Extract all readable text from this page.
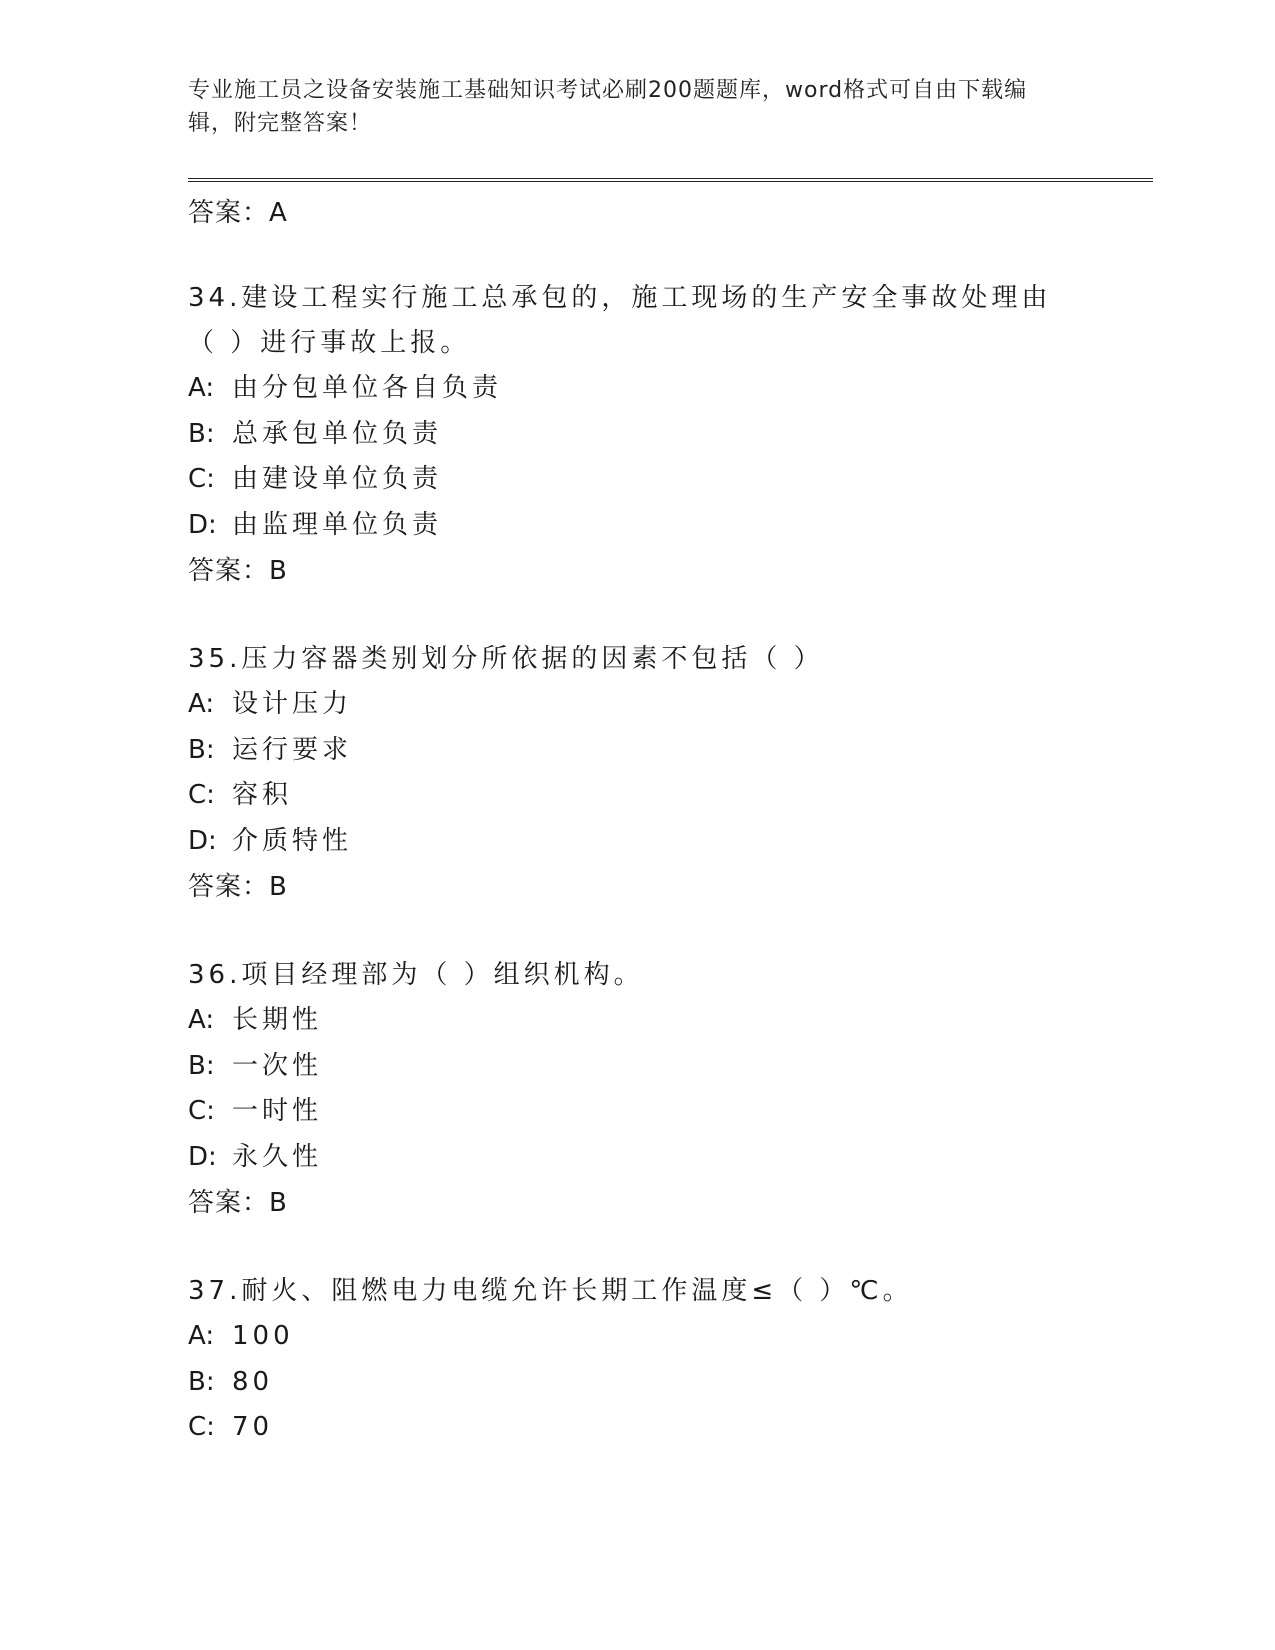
专业施工员之设备安装施工基础知识考试必刷200题题库，word格式可自由下载编辑，附完整答案！
答案：A
34.建设工程实行施工总承包的，施工现场的生产安全事故处理由（ ）进行事故上报。
A: 由分包单位各自负责
B: 总承包单位负责
C: 由建设单位负责
D: 由监理单位负责
答案：B
35.压力容器类别划分所依据的因素不包括（ ）
A: 设计压力
B: 运行要求
C: 容积
D: 介质特性
答案：B
36.项目经理部为（ ）组织机构。
A: 长期性
B: 一次性
C: 一时性
D: 永久性
答案：B
37.耐火、阻燃电力电缆允许长期工作温度≤（ ）℃。
A: 100
B: 80
C: 70
